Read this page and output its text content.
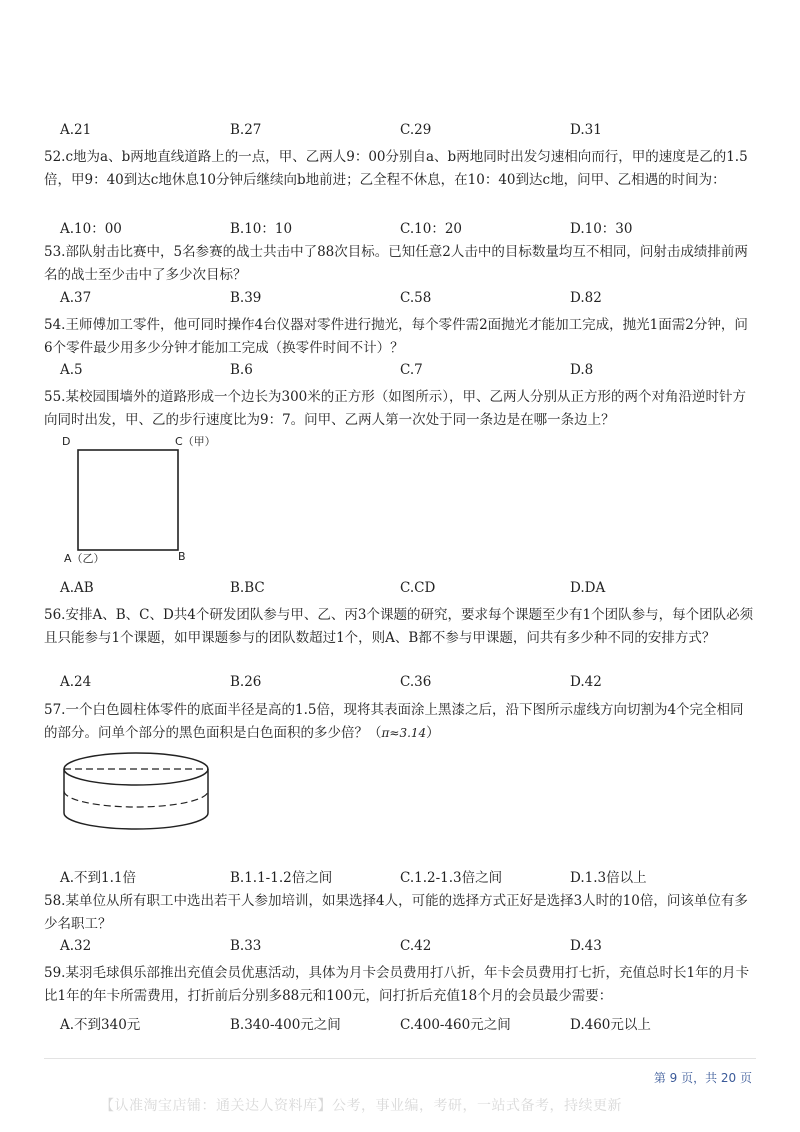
A.21	B.27	C.29	D.31
52.c地为a、b两地直线道路上的一点，甲、乙两人9：00分别自a、b两地同时出发匀速相向而行，甲的速度是乙的1.5倍，甲9：40到达c地休息10分钟后继续向b地前进；乙全程不休息，在10：40到达c地，问甲、乙相遇的时间为：
A.10：00	B.10：10	C.10：20	D.10：30
53.部队射击比赛中，5名参赛的战士共击中了88次目标。已知任意2人击中的目标数量均互不相同，问射击成绩排前两名的战士至少击中了多少次目标？
A.37	B.39	C.58	D.82
54.王师傅加工零件，他可同时操作4台仪器对零件进行抛光，每个零件需2面抛光才能加工完成，抛光1面需2分钟，问6个零件最少用多少分钟才能加工完成（换零件时间不计）？
A.5	B.6	C.7	D.8
55.某校园围墙外的道路形成一个边长为300米的正方形（如图所示），甲、乙两人分别从正方形的两个对角沿逆时针方向同时出发，甲、乙的步行速度比为9：7。问甲、乙两人第一次处于同一条边是在哪一条边上？
D	C（甲）
A（乙）	B
A.AB	B.BC	C.CD	D.DA
56.安排A、B、C、D共4个研发团队参与甲、乙、丙3个课题的研究，要求每个课题至少有1个团队参与，每个团队必须且只能参与1个课题，如甲课题参与的团队数超过1个，则A、B都不参与甲课题，问共有多少种不同的安排方式？
A.24	B.26	C.36	D.42
57.一个白色圆柱体零件的底面半径是高的1.5倍，现将其表面涂上黑漆之后，沿下图所示虚线方向切割为4个完全相同的部分。问单个部分的黑色面积是白色面积的多少倍？（π≈3.14）
A.不到1.1倍	B.1.1-1.2倍之间	C.1.2-1.3倍之间	D.1.3倍以上
58.某单位从所有职工中选出若干人参加培训，如果选择4人，可能的选择方式正好是选择3人时的10倍，问该单位有多少名职工？
A.32	B.33	C.42	D.43
59.某羽毛球俱乐部推出充值会员优惠活动，具体为月卡会员费用打八折，年卡会员费用打七折，充值总时长1年的月卡比1年的年卡所需费用，打折前后分别多88元和100元，问打折后充值18个月的会员最少需要：
A.不到340元	B.340-400元之间	C.400-460元之间	D.460元以上
第 9 页，共 20 页
【认准淘宝店铺：通关达人资料库】公考，事业编，考研，一站式备考，持续更新
